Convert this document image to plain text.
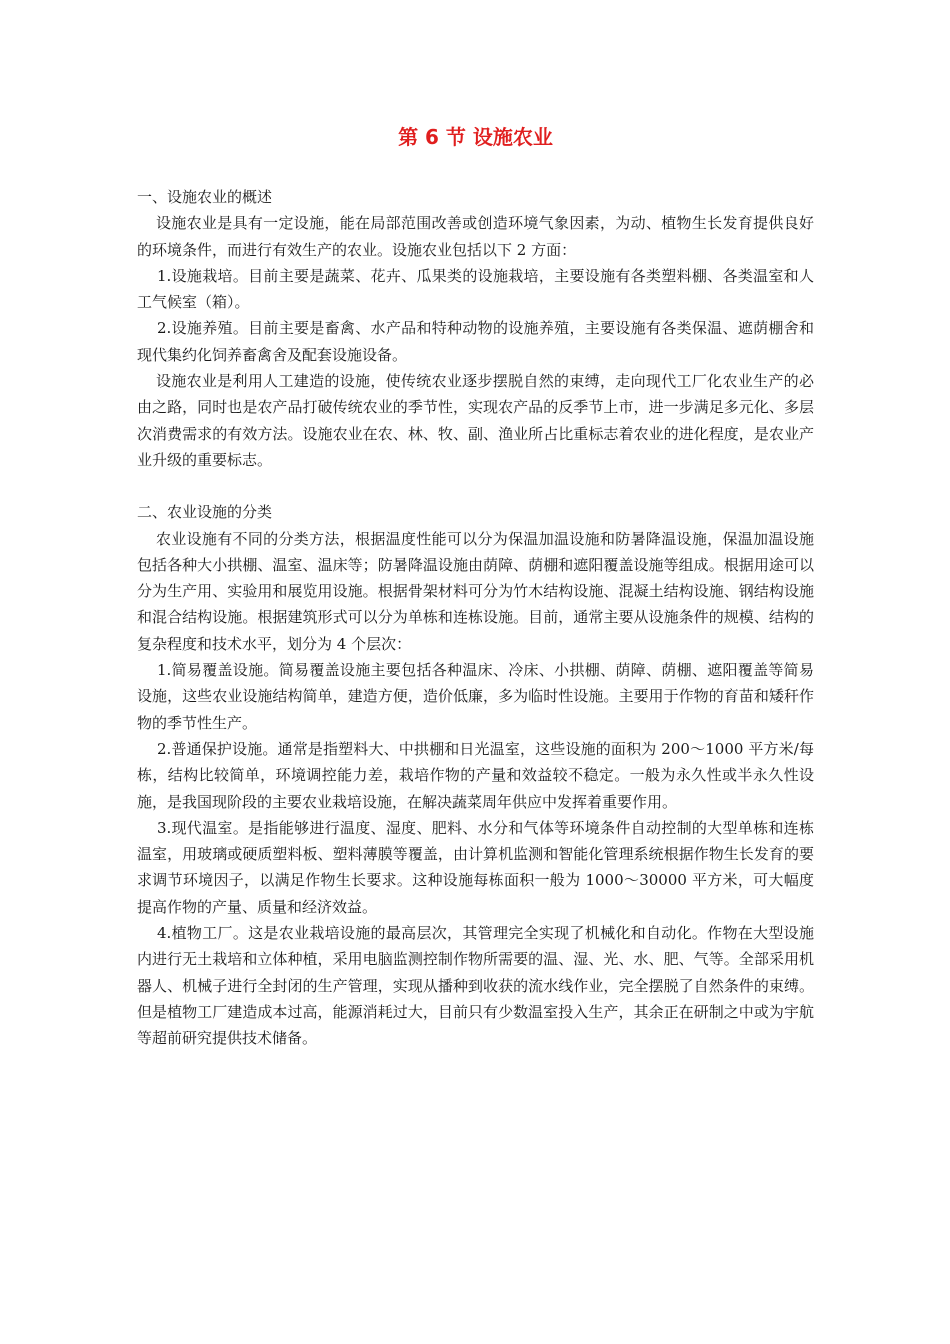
第 6 节 设施农业

一、设施农业的概述

设施农业是具有一定设施，能在局部范围改善或创造环境气象因素，为动、植物生长发育提供良好的环境条件，而进行有效生产的农业。设施农业包括以下 2 方面：

1.设施栽培。目前主要是蔬菜、花卉、瓜果类的设施栽培，主要设施有各类塑料棚、各类温室和人工气候室（箱）。

2.设施养殖。目前主要是畜禽、水产品和特种动物的设施养殖，主要设施有各类保温、遮荫棚舍和现代集约化饲养畜禽舍及配套设施设备。

设施农业是利用人工建造的设施，使传统农业逐步摆脱自然的束缚，走向现代工厂化农业生产的必由之路，同时也是农产品打破传统农业的季节性，实现农产品的反季节上市，进一步满足多元化、多层次消费需求的有效方法。设施农业在农、林、牧、副、渔业所占比重标志着农业的进化程度，是农业产业升级的重要标志。

二、农业设施的分类

农业设施有不同的分类方法，根据温度性能可以分为保温加温设施和防暑降温设施，保温加温设施包括各种大小拱棚、温室、温床等；防暑降温设施由荫障、荫棚和遮阳覆盖设施等组成。根据用途可以分为生产用、实验用和展览用设施。根据骨架材料可分为竹木结构设施、混凝土结构设施、钢结构设施和混合结构设施。根据建筑形式可以分为单栋和连栋设施。目前，通常主要从设施条件的规模、结构的复杂程度和技术水平，划分为 4 个层次：

1.简易覆盖设施。简易覆盖设施主要包括各种温床、冷床、小拱棚、荫障、荫棚、遮阳覆盖等简易设施，这些农业设施结构简单，建造方便，造价低廉，多为临时性设施。主要用于作物的育苗和矮秆作物的季节性生产。

2.普通保护设施。通常是指塑料大、中拱棚和日光温室，这些设施的面积为 200～1000 平方米/每栋，结构比较简单，环境调控能力差，栽培作物的产量和效益较不稳定。一般为永久性或半永久性设施，是我国现阶段的主要农业栽培设施，在解决蔬菜周年供应中发挥着重要作用。

3.现代温室。是指能够进行温度、湿度、肥料、水分和气体等环境条件自动控制的大型单栋和连栋温室，用玻璃或硬质塑料板、塑料薄膜等覆盖，由计算机监测和智能化管理系统根据作物生长发育的要求调节环境因子，以满足作物生长要求。这种设施每栋面积一般为 1000～30000 平方米，可大幅度提高作物的产量、质量和经济效益。

4.植物工厂。这是农业栽培设施的最高层次，其管理完全实现了机械化和自动化。作物在大型设施内进行无土栽培和立体种植，采用电脑监测控制作物所需要的温、湿、光、水、肥、气等。全部采用机器人、机械子进行全封闭的生产管理，实现从播种到收获的流水线作业，完全摆脱了自然条件的束缚。但是植物工厂建造成本过高，能源消耗过大，目前只有少数温室投入生产，其余正在研制之中或为宇航等超前研究提供技术储备。
